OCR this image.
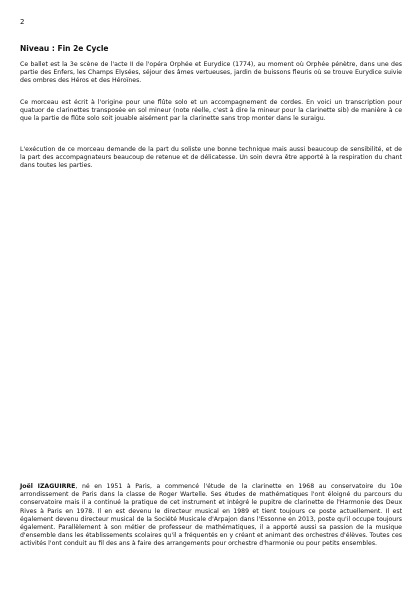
2
Niveau : Fin 2e Cycle

Ce ballet est la 3e scène de l'acte II de l'opéra Orphée et Eurydice (1774), au moment où Orphée pénètre, dans une des partie des Enfers, les Champs Elysées, séjour des âmes vertueuses, jardin de buissons fleuris où se trouve Eurydice suivie des ombres des Héros et des Héroïnes.

Ce morceau est écrit à l'origine pour une flûte solo et un accompagnement de cordes. En voici un transcription pour quatuor de clarinettes transposée en sol mineur (note réelle, c'est à dire la mineur pour la clarinette sib) de manière à ce que la partie de flûte solo soit jouable aisément par la clarinette sans trop monter dans le suraigu.

L'exécution de ce morceau demande de la part du soliste une bonne technique mais aussi beaucoup de sensibilité, et de la part des accompagnateurs beaucoup de retenue et de délicatesse. Un soin devra être apporté à la respiration du chant dans toutes les parties.

Joël IZAGUIRRE, né en 1951 à Paris, a commencé l'étude de la clarinette en 1968 au conservatoire du 10e arrondissement de Paris dans la classe de Roger Wartelle. Ses études de mathématiques l'ont éloigné du parcours du conservatoire mais il a continué la pratique de cet instrument et intégré le pupitre de clarinette de l'Harmonie des Deux Rives à Paris en 1978. Il en est devenu le directeur musical en 1989 et tient toujours ce poste actuellement. Il est également devenu directeur musical de la Société Musicale d'Arpajon dans l'Essonne en 2013, poste qu'il occupe toujours également. Parallèlement à son métier de professeur de mathématiques, il a apporté aussi sa passion de la musique d'ensemble dans les établissements scolaires qu'il a fréquentés en y créant et animant des orchestres d'élèves. Toutes ces activités l'ont conduit au fil des ans à faire des arrangements pour orchestre d'harmonie ou pour petits ensembles.
